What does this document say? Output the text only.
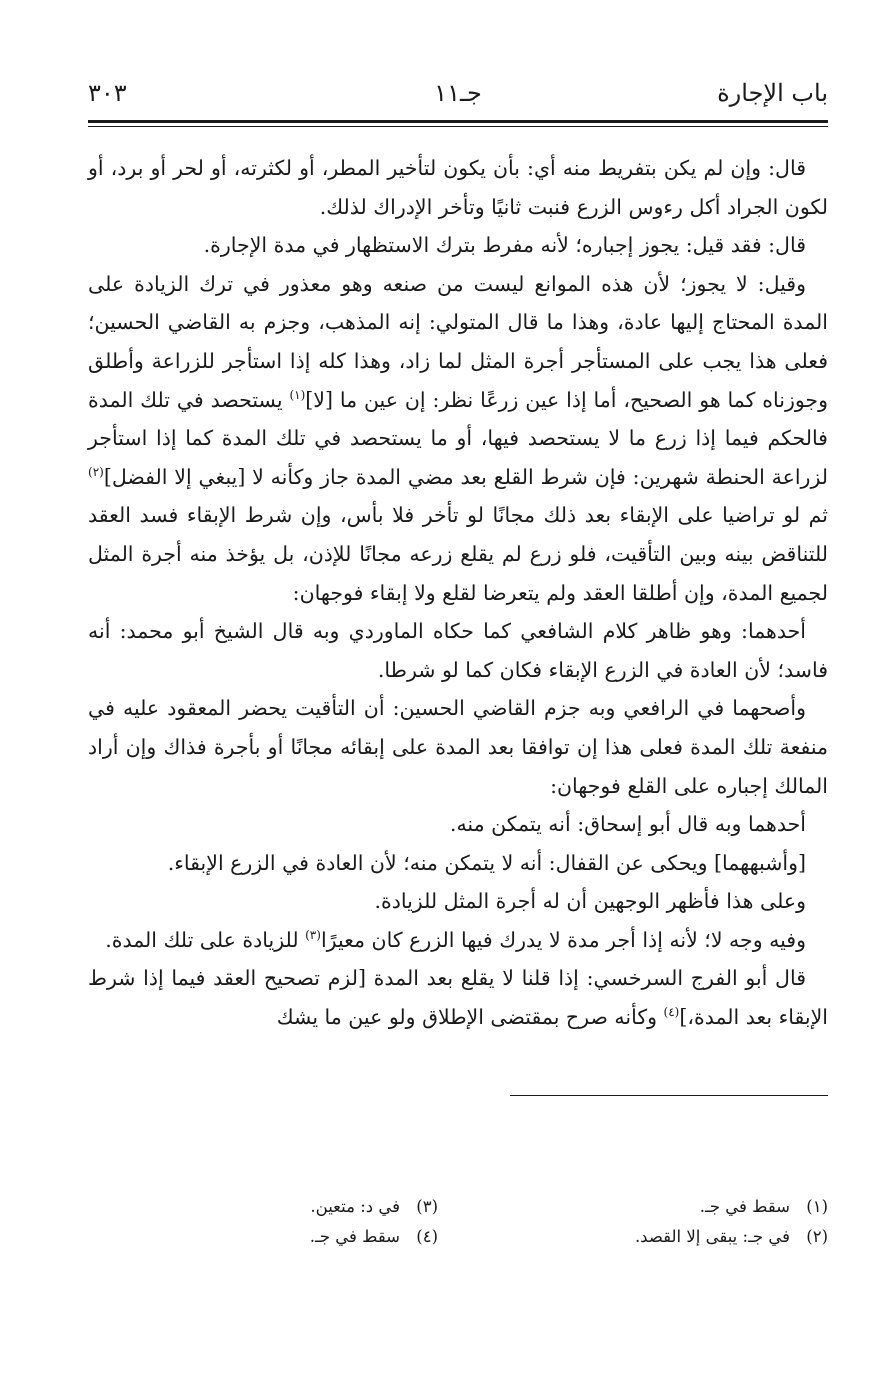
باب الإجارة
جـ١١
٣٠٣

قال: وإن لم يكن بتفريط منه أي: بأن يكون لتأخير المطر، أو لكثرته، أو لحر أو برد، أو لكون الجراد أكل رءوس الزرع فنبت ثانيًا وتأخر الإدراك لذلك.

قال: فقد قيل: يجوز إجباره؛ لأنه مفرط بترك الاستظهار في مدة الإجارة.

وقيل: لا يجوز؛ لأن هذه الموانع ليست من صنعه وهو معذور في ترك الزيادة على المدة المحتاج إليها عادة، وهذا ما قال المتولي: إنه المذهب، وجزم به القاضي الحسين؛ فعلى هذا يجب على المستأجر أجرة المثل لما زاد، وهذا كله إذا استأجر للزراعة وأطلق وجوزناه كما هو الصحيح، أما إذا عين زرعًا نظر: إن عين ما [لا]$^{(١)}$ يستحصد في تلك المدة فالحكم فيما إذا زرع ما لا يستحصد فيها، أو ما يستحصد في تلك المدة كما إذا استأجر لزراعة الحنطة شهرين: فإن شرط القلع بعد مضي المدة جاز وكأنه لا [يبغي إلا الفضل]$^{(٢)}$ ثم لو تراضيا على الإبقاء بعد ذلك مجانًا لو تأخر فلا بأس، وإن شرط الإبقاء فسد العقد للتناقض بينه وبين التأقيت، فلو زرع لم يقلع زرعه مجانًا للإذن، بل يؤخذ منه أجرة المثل لجميع المدة، وإن أطلقا العقد ولم يتعرضا لقلع ولا إبقاء فوجهان:

أحدهما: وهو ظاهر كلام الشافعي كما حكاه الماوردي وبه قال الشيخ أبو محمد: أنه فاسد؛ لأن العادة في الزرع الإبقاء فكان كما لو شرطا.

وأصحهما في الرافعي وبه جزم القاضي الحسين: أن التأقيت يحضر المعقود عليه في منفعة تلك المدة فعلى هذا إن توافقا بعد المدة على إبقائه مجانًا أو بأجرة فذاك وإن أراد المالك إجباره على القلع فوجهان:

أحدهما وبه قال أبو إسحاق: أنه يتمكن منه.

[وأشبههما] ويحكى عن القفال: أنه لا يتمكن منه؛ لأن العادة في الزرع الإبقاء.

وعلى هذا فأظهر الوجهين أن له أجرة المثل للزيادة.

وفيه وجه لا؛ لأنه إذا أجر مدة لا يدرك فيها الزرع كان معيرًا$^{(٣)}$ للزيادة على تلك المدة.

قال أبو الفرج السرخسي: إذا قلنا لا يقلع بعد المدة [لزم تصحيح العقد فيما إذا شرط الإبقاء بعد المدة،]$^{(٤)}$ وكأنه صرح بمقتضى الإطلاق ولو عين ما يشك

(١)سقط في جـ.
(٢)في جـ: يبقى إلا القصد.
(٣)في د: متعين.
(٤)سقط في جـ.
